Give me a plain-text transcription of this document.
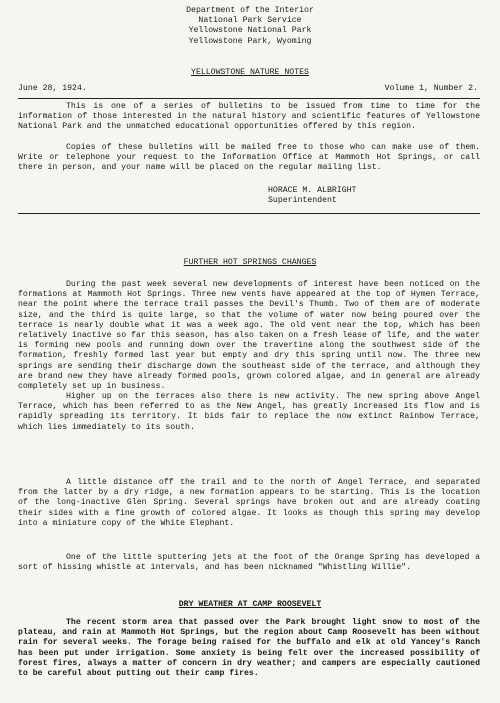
Department of the Interior
National Park Service
Yellowstone National Park
Yellowstone Park, Wyoming
YELLOWSTONE NATURE NOTES
June 28, 1924.	Volume 1, Number 2.
This is one of a series of bulletins to be issued from time to time for the information of those interested in the natural history and scientific features of Yellowstone National Park and the unmatched educational opportunities offered by this region.
Copies of these bulletins will be mailed free to those who can make use of them. Write or telephone your request to the Information Office at Mammoth Hot Springs, or call there in person, and your name will be placed on the regular mailing list.
HORACE M. ALBRIGHT
Superintendent
FURTHER HOT SPRINGS CHANGES
During the past week several new developments of interest have been noticed on the formations at Mammoth Hot Springs. Three new vents have appeared at the top of Hymen Terrace, near the point where the terrace trail passes the Devil's Thumb. Two of them are of moderate size, and the third is quite large, so that the volume of water now being poured over the terrace is nearly double what it was a week ago. The old vent near the top, which has been relatively inactive so far this season, has also taken on a fresh lease of life, and the water is forming new pools and running down over the travertine along the southwest side of the formation, freshly formed last year but empty and dry this spring until now. The three new springs are sending their discharge down the southeast side of the terrace, and although they are brand new they have already formed pools, grown colored algae, and in general are already completely set up in business.
Higher up on the terraces also there is new activity. The new spring above Angel Terrace, which has been referred to as the New Angel, has greatly increased its flow and is rapidly spreading its territory. It bids fair to replace the now extinct Rainbow Terrace, which lies immediately to its south.
A little distance off the trail and to the north of Angel Terrace, and separated from the latter by a dry ridge, a new formation appears to be starting. This is the location of the long-inactive Glen Spring. Several springs have broken out and are already coating their sides with a fine growth of colored algae. It looks as though this spring may develop into a miniature copy of the White Elephant.
One of the little sputtering jets at the foot of the Orange Spring has developed a sort of hissing whistle at intervals, and has been nicknamed "Whistling Willie".
DRY WEATHER AT CAMP ROOSEVELT
The recent storm area that passed over the Park brought light snow to most of the plateau, and rain at Mammoth Hot Springs, but the region about Camp Roosevelt has been without rain for several weeks. The forage being raised for the buffalo and elk at old Yancey's Ranch has been put under irrigation. Some anxiety is being felt over the increased possibility of forest fires, always a matter of concern in dry weather; and campers are especially cautioned to be careful about putting out their camp fires.
